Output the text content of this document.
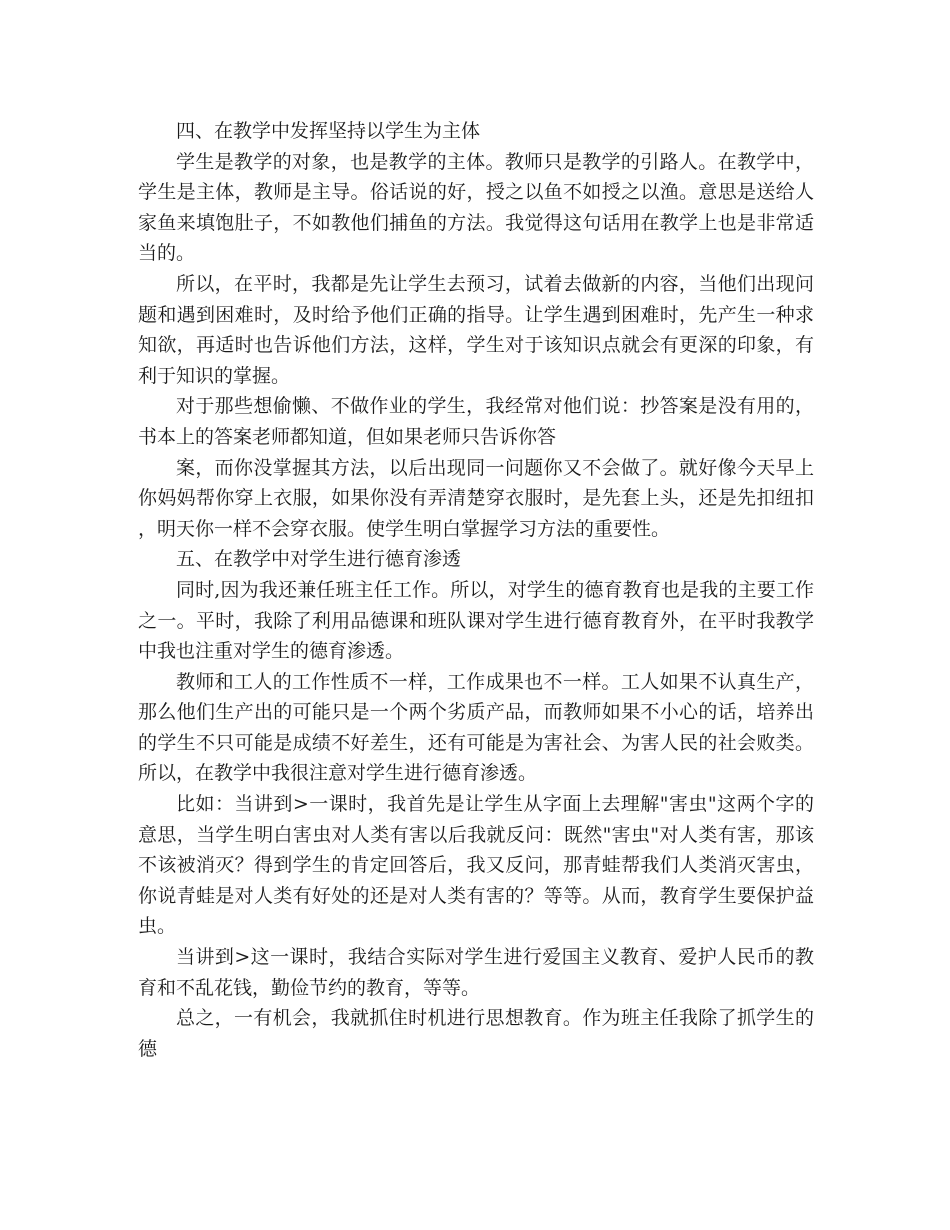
四、在教学中发挥坚持以学生为主体

学生是教学的对象，也是教学的主体。教师只是教学的引路人。在教学中，学生是主体，教师是主导。俗话说的好，授之以鱼不如授之以渔。意思是送给人家鱼来填饱肚子，不如教他们捕鱼的方法。我觉得这句话用在教学上也是非常适当的。

所以，在平时，我都是先让学生去预习，试着去做新的内容，当他们出现问题和遇到困难时，及时给予他们正确的指导。让学生遇到困难时，先产生一种求知欲，再适时也告诉他们方法，这样，学生对于该知识点就会有更深的印象，有利于知识的掌握。

对于那些想偷懒、不做作业的学生，我经常对他们说：抄答案是没有用的，书本上的答案老师都知道，但如果老师只告诉你答

案，而你没掌握其方法，以后出现同一问题你又不会做了。就好像今天早上你妈妈帮你穿上衣服，如果你没有弄清楚穿衣服时，是先套上头，还是先扣纽扣，明天你一样不会穿衣服。使学生明白掌握学习方法的重要性。

五、在教学中对学生进行德育渗透

同时,因为我还兼任班主任工作。所以，对学生的德育教育也是我的主要工作之一。平时，我除了利用品德课和班队课对学生进行德育教育外，在平时我教学中我也注重对学生的德育渗透。

教师和工人的工作性质不一样，工作成果也不一样。工人如果不认真生产，那么他们生产出的可能只是一个两个劣质产品，而教师如果不小心的话，培养出的学生不只可能是成绩不好差生，还有可能是为害社会、为害人民的社会败类。所以，在教学中我很注意对学生进行德育渗透。

比如：当讲到>一课时，我首先是让学生从字面上去理解"害虫"这两个字的意思，当学生明白害虫对人类有害以后我就反问：既然"害虫"对人类有害，那该不该被消灭？得到学生的肯定回答后，我又反问，那青蛙帮我们人类消灭害虫，你说青蛙是对人类有好处的还是对人类有害的？等等。从而，教育学生要保护益虫。

当讲到>这一课时，我结合实际对学生进行爱国主义教育、爱护人民币的教育和不乱花钱，勤俭节约的教育，等等。

总之，一有机会，我就抓住时机进行思想教育。作为班主任我除了抓学生的德
